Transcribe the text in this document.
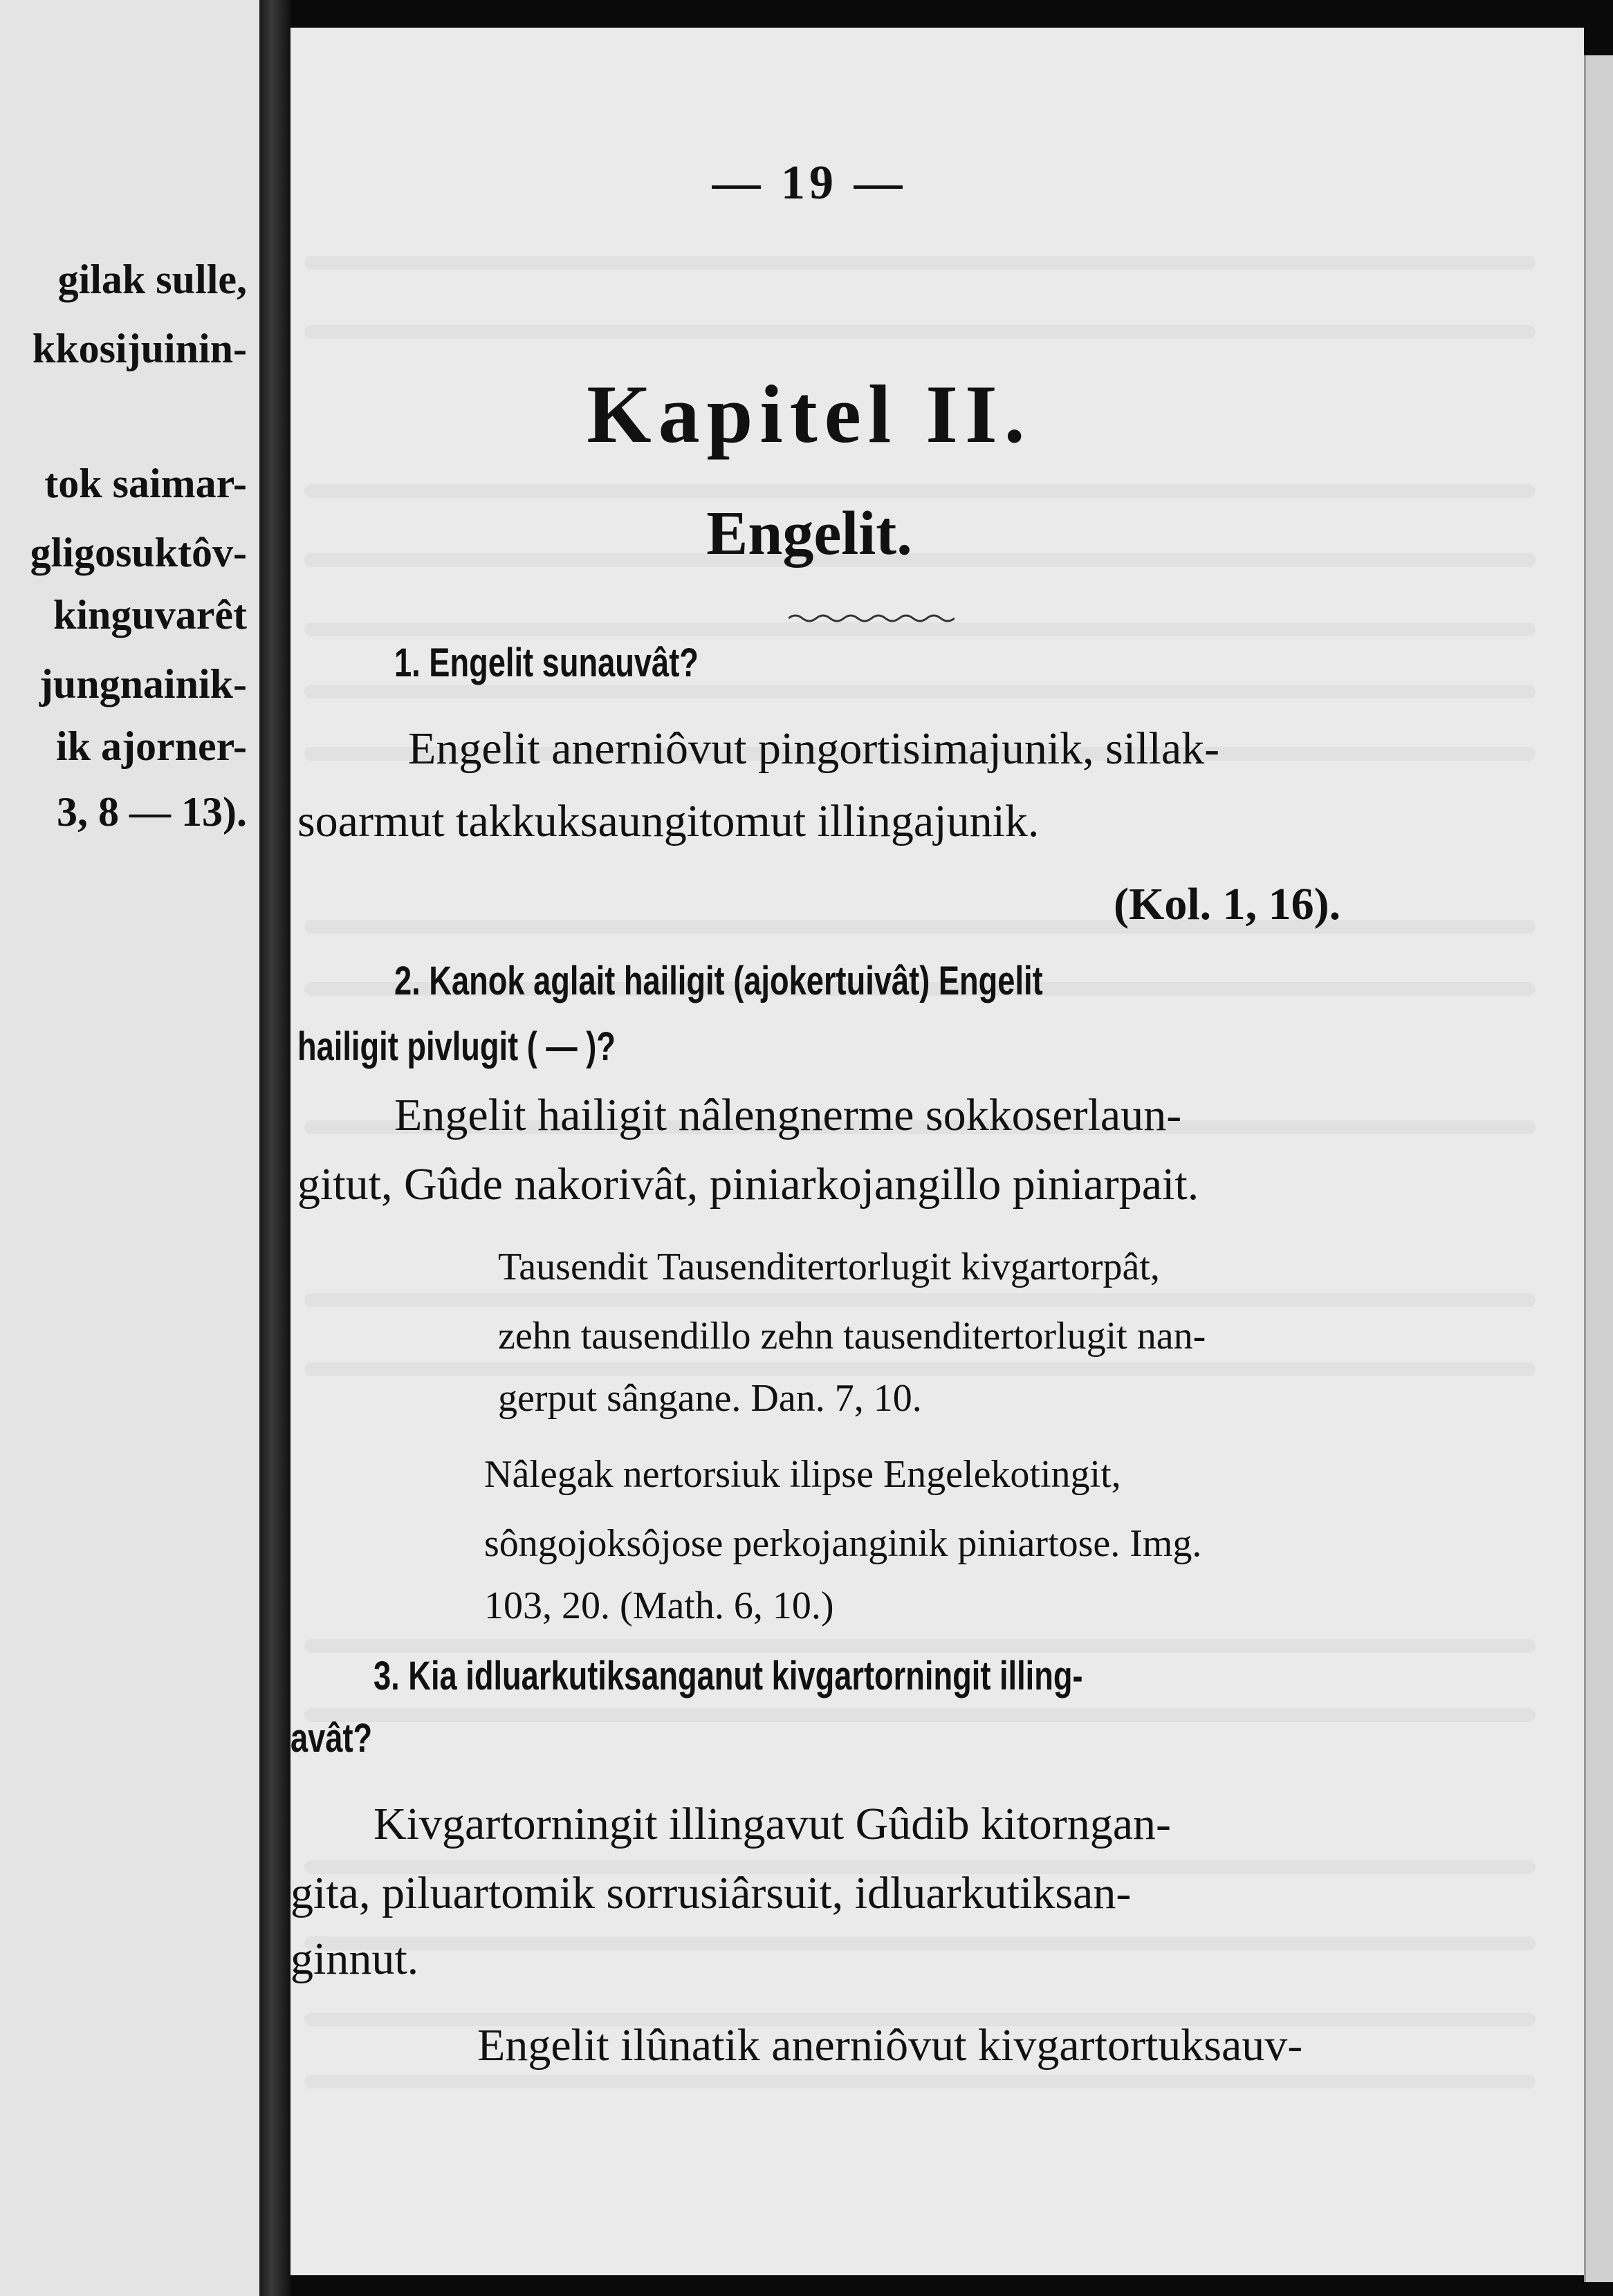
gilak sulle,
kkosijuinin-
tok saimar-
gligosuktôv-
kinguvarêt
jungnainik-
ik ajorner-
3, 8 — 13).
— 19 —
Kapitel II.
Engelit.
1. Engelit sunauvât?
Engelit anerniôvut pingortisimajunik, sillak-
soarmut takkuksaungitomut illingajunik.
(Kol. 1, 16).
2. Kanok aglait hailigit (ajokertuivât) Engelit
hailigit pivlugit ( — )?
Engelit hailigit nâlengnerme sokkoserlaun-
gitut, Gûde nakorivât, piniarkojangillo piniarpait.
Tausendit Tausenditertorlugit kivgartorpât,
zehn tausendillo zehn tausenditertorlugit nan-
gerput sângane. Dan. 7, 10.
Nâlegak nertorsiuk ilipse Engelekotingit,
sôngojoksôjose perkojanginik piniartose. Img.
103, 20. (Math. 6, 10.)
3. Kia idluarkutiksanganut kivgartorningit illing-
avât?
Kivgartorningit illingavut Gûdib kitorngan-
gita, piluartomik sorrusiârsuit, idluarkutiksan-
ginnut.
Engelit ilûnatik anerniôvut kivgartortuksauv-
